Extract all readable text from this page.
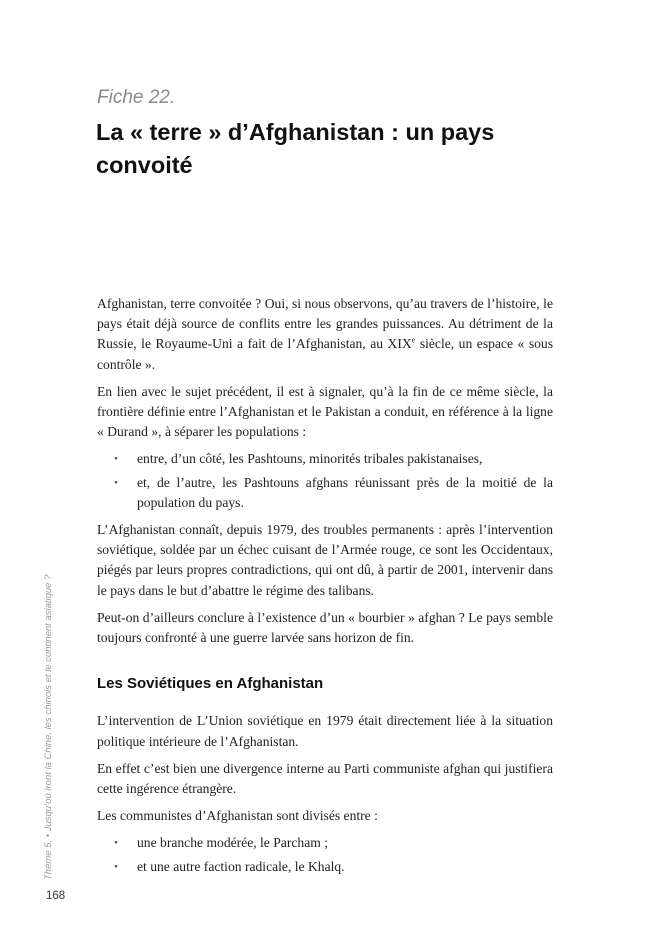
Fiche 22.
La « terre » d’Afghanistan : un pays convoité

Afghanistan, terre convoitée ? Oui, si nous observons, qu’au travers de l’histoire, le pays était déjà source de conflits entre les grandes puissances. Au détriment de la Russie, le Royaume-Uni a fait de l’Afghanistan, au XIXe siècle, un espace « sous contrôle ».

En lien avec le sujet précédent, il est à signaler, qu’à la fin de ce même siècle, la frontière définie entre l’Afghanistan et le Pakistan a conduit, en référence à la ligne « Durand », à séparer les populations :

• entre, d’un côté, les Pashtouns, minorités tribales pakistanaises,
• et, de l’autre, les Pashtouns afghans réunissant près de la moitié de la population du pays.

L’Afghanistan connaît, depuis 1979, des troubles permanents : après l’intervention soviétique, soldée par un échec cuisant de l’Armée rouge, ce sont les Occidentaux, piégés par leurs propres contradictions, qui ont dû, à partir de 2001, intervenir dans le pays dans le but d’abattre le régime des talibans.

Peut-on d’ailleurs conclure à l’existence d’un « bourbier » afghan ? Le pays semble toujours confronté à une guerre larvée sans horizon de fin.

Les Soviétiques en Afghanistan

L’intervention de L’Union soviétique en 1979 était directement liée à la situation politique intérieure de l’Afghanistan.

En effet c’est bien une divergence interne au Parti communiste afghan qui justifiera cette ingérence étrangère.

Les communistes d’Afghanistan sont divisés entre :

• une branche modérée, le Parcham ;
• et une autre faction radicale, le Khalq.
Thème 5. • Jusqu’où iront la Chine, les chinois et le continent asiatique ?
168
